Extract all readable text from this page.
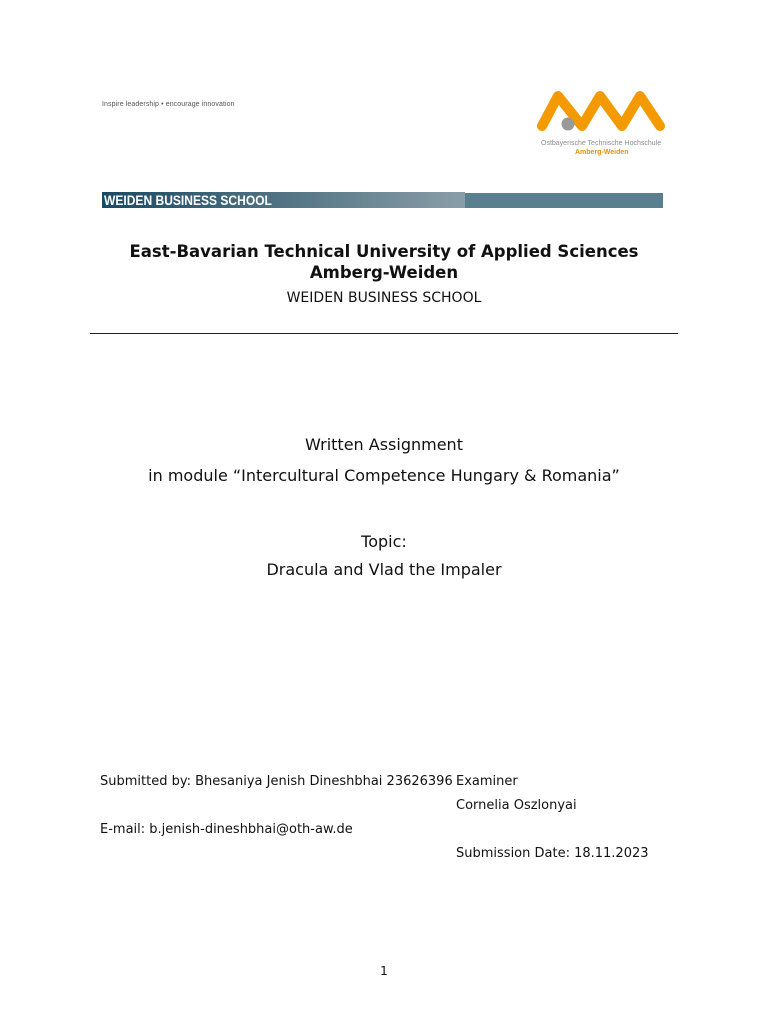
Inspire leadership • encourage innovation
Ostbayerische Technische Hochschule
Amberg-Weiden
WEIDEN BUSINESS SCHOOL
East-Bavarian Technical University of Applied Sciences
Amberg-Weiden
WEIDEN BUSINESS SCHOOL
Written Assignment
in module “Intercultural Competence Hungary & Romania”
Topic:
Dracula and Vlad the Impaler
Submitted by: Bhesaniya Jenish Dineshbhai 23626396
E-mail: b.jenish-dineshbhai@oth-aw.de
Examiner
Cornelia Oszlonyai
Submission Date: 18.11.2023
1
